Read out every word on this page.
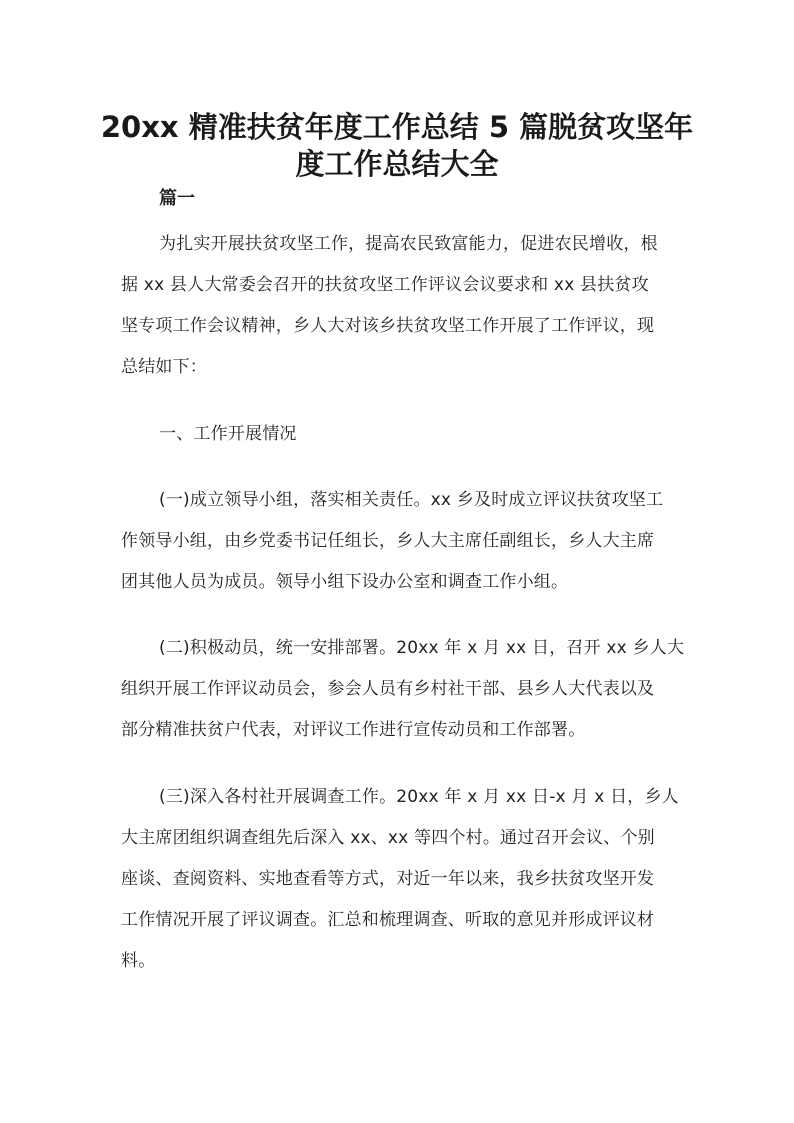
20xx 精准扶贫年度工作总结 5 篇脱贫攻坚年
度工作总结大全
篇一
为扎实开展扶贫攻坚工作，提高农民致富能力，促进农民增收，根
据 xx 县人大常委会召开的扶贫攻坚工作评议会议要求和 xx 县扶贫攻
坚专项工作会议精神，乡人大对该乡扶贫攻坚工作开展了工作评议，现
总结如下：
一、工作开展情况
(一)成立领导小组，落实相关责任。xx 乡及时成立评议扶贫攻坚工
作领导小组，由乡党委书记任组长，乡人大主席任副组长，乡人大主席
团其他人员为成员。领导小组下设办公室和调查工作小组。
(二)积极动员，统一安排部署。20xx 年 x 月 xx 日，召开 xx 乡人大
组织开展工作评议动员会，参会人员有乡村社干部、县乡人大代表以及
部分精准扶贫户代表，对评议工作进行宣传动员和工作部署。
(三)深入各村社开展调查工作。20xx 年 x 月 xx 日-x 月 x 日，乡人
大主席团组织调查组先后深入 xx、xx 等四个村。通过召开会议、个别
座谈、查阅资料、实地查看等方式，对近一年以来，我乡扶贫攻坚开发
工作情况开展了评议调查。汇总和梳理调查、听取的意见并形成评议材
料。
